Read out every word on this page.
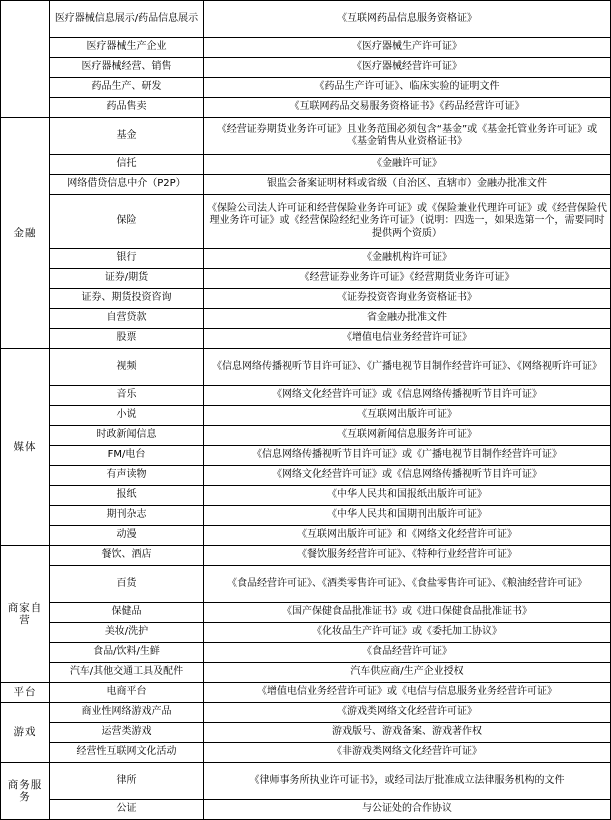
	医疗器械信息展示/药品信息展示	《互联网药品信息服务资格证》
	医疗器械生产企业	《医疗器械生产许可证》
	医疗器械经营、销售	《医疗器械经营许可证》
	药品生产、研发	《药品生产许可证》、临床实验的证明文件
	药品售卖	《互联网药品交易服务资格证书》《药品经营许可证》
金融	基金	《经营证券期货业务许可证》且业务范围必须包含“基金”或《基金托管业务许可证》或《基金销售从业资格证书》
	信托	《金融许可证》
	网络借贷信息中介（P2P）	银监会备案证明材料或省级（自治区、直辖市）金融办批准文件
	保险	《保险公司法人许可证和经营保险业务许可证》或《保险兼业代理许可证》或《经营保险代理业务许可证》或《经营保险经纪业务许可证》（说明：四选一，如果选第一个，需要同时提供两个资质）
	银行	《金融机构许可证》
	证券/期货	《经营证券业务许可证》《经营期货业务许可证》
	证券、期货投资咨询	《证券投资咨询业务资格证书》
	自营贷款	省金融办批准文件
	股票	《增值电信业务经营许可证》
媒体	视频	《信息网络传播视听节目许可证》、《广播电视节目制作经营许可证》、《网络视听许可证》
	音乐	《网络文化经营许可证》或《信息网络传播视听节目许可证》
	小说	《互联网出版许可证》
	时政新闻信息	《互联网新闻信息服务许可证》
	FM/电台	《信息网络传播视听节目许可证》或《广播电视节目制作经营许可证》
	有声读物	《网络文化经营许可证》或《信息网络传播视听节目许可证》
	报纸	《中华人民共和国报纸出版许可证》
	期刊杂志	《中华人民共和国期刊出版许可证》
	动漫	《互联网出版许可证》和《网络文化经营许可证》
商家自营	餐饮、酒店	《餐饮服务经营许可证》、《特种行业经营许可证》
	百货	《食品经营许可证》、《酒类零售许可证》、《食盐零售许可证》、《粮油经营许可证》
	保健品	《国产保健食品批准证书》或《进口保健食品批准证书》
	美妆/洗护	《化妆品生产许可证》或《委托加工协议》
	食品/饮料/生鲜	《食品经营许可证》
	汽车/其他交通工具及配件	汽车供应商/生产企业授权
平台	电商平台	《增值电信业务经营许可证》或《电信与信息服务业务经营许可证》
游戏	商业性网络游戏产品	《游戏类网络文化经营许可证》
	运营类游戏	游戏版号、游戏备案、游戏著作权
	经营性互联网文化活动	《非游戏类网络文化经营许可证》
商务服务	律所	《律师事务所执业许可证书》，或经司法厅批准成立法律服务机构的文件
	公证	与公证处的合作协议
